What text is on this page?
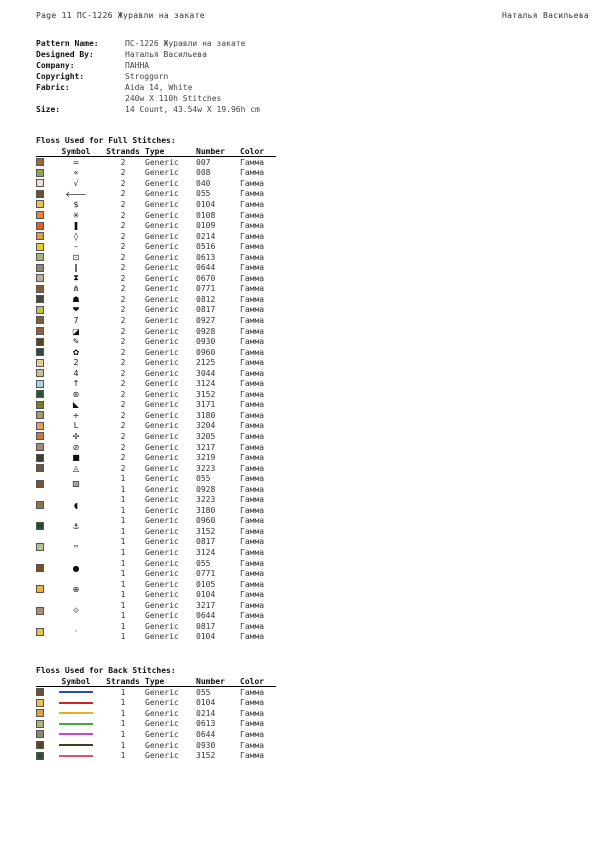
Page 11 ПС-1226 Журавли на закате	Наталья Васильева
Pattern Name:	ПС-1226 Журавли на закате
Designed By:	Наталья Васильева
Company:	ПАННА
Copyright:	Stroggorn
Fabric:	Aida 14, White
240w X 110h Stitches
Size:	14 Count, 43.54w X 19.96h cm
Floss Used for Full Stitches:
	Symbol	Strands	Type	Number	Color
	=	2	Generic	007	Гамма
	«	2	Generic	008	Гамма
	√	2	Generic	040	Гамма
	🡐	2	Generic	055	Гамма
	$	2	Generic	0104	Гамма
	✳	2	Generic	0108	Гамма
	❚	2	Generic	0109	Гамма
	◊	2	Generic	0214	Гамма
	–	2	Generic	0516	Гамма
	⊡	2	Generic	0613	Гамма
	∥	2	Generic	0644	Гамма
	⧗	2	Generic	0670	Гамма
	⋔	2	Generic	0771	Гамма
	☗	2	Generic	0812	Гамма
	❤	2	Generic	0817	Гамма
	7	2	Generic	0927	Гамма
	◪	2	Generic	0928	Гамма
	✎	2	Generic	0930	Гамма
	✿	2	Generic	0960	Гамма
	2	2	Generic	2125	Гамма
	4	2	Generic	3044	Гамма
	↑	2	Generic	3124	Гамма
	⊛	2	Generic	3152	Гамма
	◣	2	Generic	3171	Гамма
	+	2	Generic	3180	Гамма
	L	2	Generic	3204	Гамма
	✣	2	Generic	3205	Гамма
	⊘	2	Generic	3217	Гамма
	■	2	Generic	3219	Гамма
	◬	2	Generic	3223	Гамма
	▧	1	Generic	055	Гамма
		1	Generic	0928	Гамма
	◖	1	Generic	3223	Гамма
		1	Generic	3180	Гамма
	⚓	1	Generic	0960	Гамма
		1	Generic	3152	Гамма
	ᵐ	1	Generic	0817	Гамма
		1	Generic	3124	Гамма
	●	1	Generic	055	Гамма
		1	Generic	0771	Гамма
	⊕	1	Generic	0105	Гамма
		1	Generic	0104	Гамма
	⟐	1	Generic	3217	Гамма
		1	Generic	0644	Гамма
	·	1	Generic	0817	Гамма
		1	Generic	0104	Гамма
Floss Used for Back Stitches:
	Symbol	Strands	Type	Number	Color
		1	Generic	055	Гамма
		1	Generic	0104	Гамма
		1	Generic	0214	Гамма
		1	Generic	0613	Гамма
		1	Generic	0644	Гамма
		1	Generic	0930	Гамма
		1	Generic	3152	Гамма
